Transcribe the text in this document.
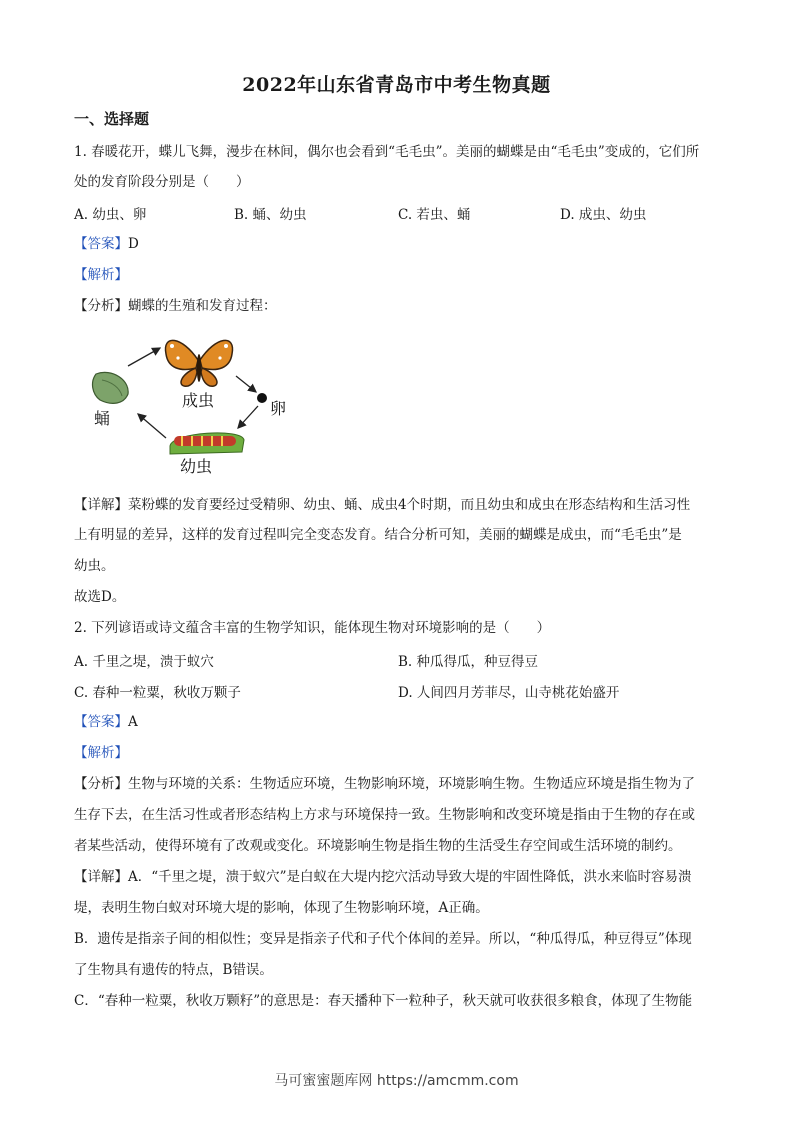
2022年山东省青岛市中考生物真题
一、选择题
1. 春暖花开，蝶儿飞舞，漫步在林间，偶尔也会看到“毛毛虫”。美丽的蝴蝶是由“毛毛虫”变成的，它们所
处的发育阶段分别是（　　）
A. 幼虫、卵	B. 蛹、幼虫	C. 若虫、蛹	D. 成虫、幼虫
【答案】D
【解析】
【分析】蝴蝶的生殖和发育过程：
成虫	卵
蛹
幼虫
【详解】菜粉蝶的发育要经过受精卵、幼虫、蛹、成虫4个时期，而且幼虫和成虫在形态结构和生活习性
上有明显的差异，这样的发育过程叫完全变态发育。结合分析可知，美丽的蝴蝶是成虫，而“毛毛虫”是
幼虫。
故选D。
2. 下列谚语或诗文蕴含丰富的生物学知识，能体现生物对环境影响的是（　　）
A. 千里之堤，溃于蚁穴	B. 种瓜得瓜，种豆得豆
C. 春种一粒粟，秋收万颗子	D. 人间四月芳菲尽，山寺桃花始盛开
【答案】A
【解析】
【分析】生物与环境的关系：生物适应环境，生物影响环境，环境影响生物。生物适应环境是指生物为了
生存下去，在生活习性或者形态结构上方求与环境保持一致。生物影响和改变环境是指由于生物的存在或
者某些活动，使得环境有了改观或变化。环境影响生物是指生物的生活受生存空间或生活环境的制约。
【详解】A．“千里之堤，溃于蚁穴”是白蚁在大堤内挖穴活动导致大堤的牢固性降低，洪水来临时容易溃
堤，表明生物白蚁对环境大堤的影响，体现了生物影响环境，A正确。
B．遗传是指亲子间的相似性；变异是指亲子代和子代个体间的差异。所以，“种瓜得瓜，种豆得豆”体现
了生物具有遗传的特点，B错误。
C．“春种一粒粟，秋收万颗籽”的意思是：春天播种下一粒种子，秋天就可收获很多粮食，体现了生物能
马可蜜蜜题库网 https://amcmm.com
